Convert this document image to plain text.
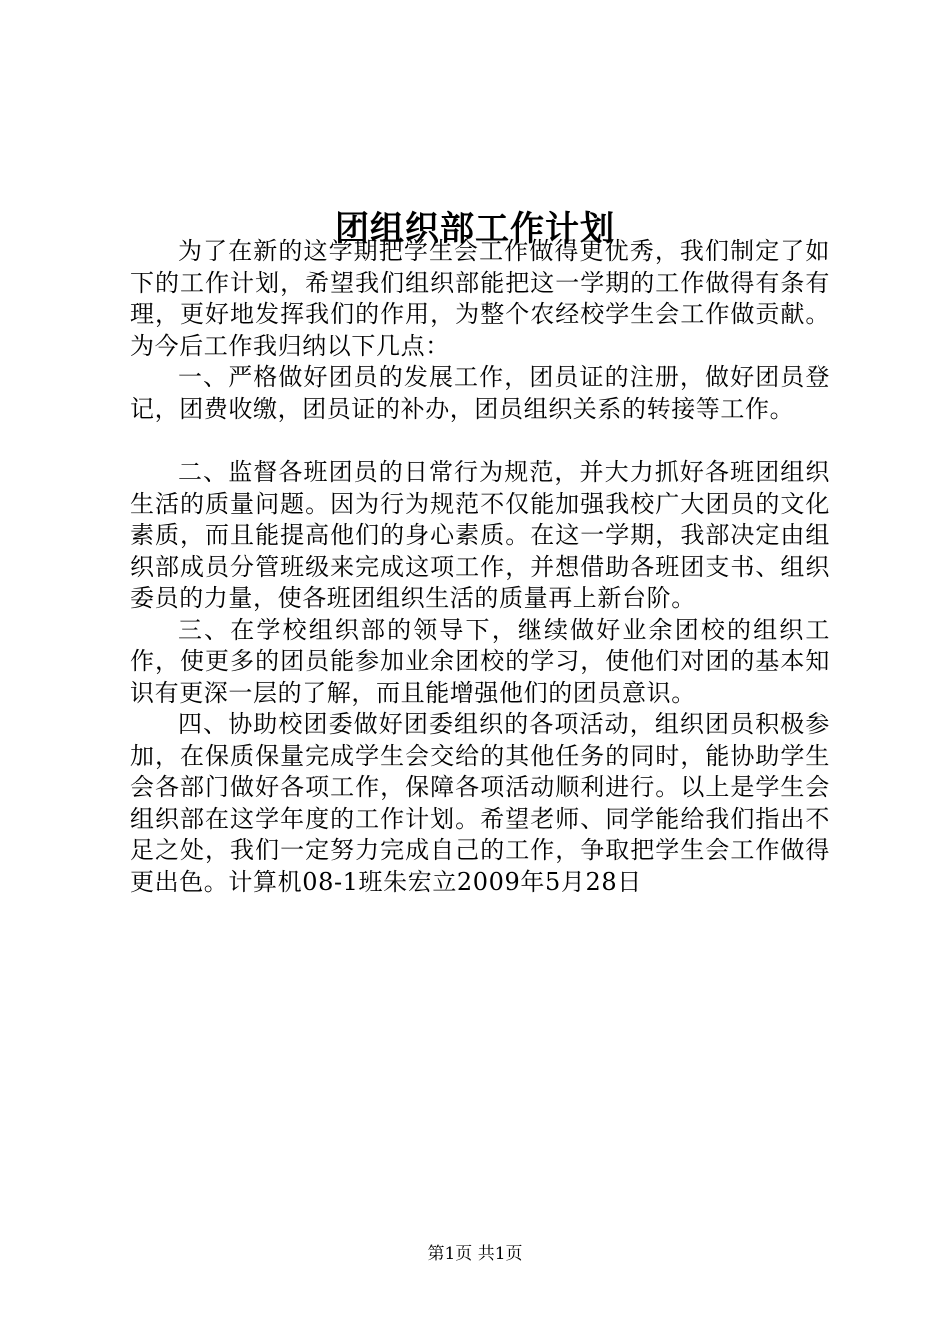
团组织部工作计划

为了在新的这学期把学生会工作做得更优秀，我们制定了如下的工作计划，希望我们组织部能把这一学期的工作做得有条有理，更好地发挥我们的作用，为整个农经校学生会工作做贡献。为今后工作我归纳以下几点：

一、严格做好团员的发展工作，团员证的注册，做好团员登记，团费收缴，团员证的补办，团员组织关系的转接等工作。

二、监督各班团员的日常行为规范，并大力抓好各班团组织生活的质量问题。因为行为规范不仅能加强我校广大团员的文化素质，而且能提高他们的身心素质。在这一学期，我部决定由组织部成员分管班级来完成这项工作，并想借助各班团支书、组织委员的力量，使各班团组织生活的质量再上新台阶。

三、在学校组织部的领导下，继续做好业余团校的组织工作，使更多的团员能参加业余团校的学习，使他们对团的基本知识有更深一层的了解，而且能增强他们的团员意识。

四、协助校团委做好团委组织的各项活动，组织团员积极参加，在保质保量完成学生会交给的其他任务的同时，能协助学生会各部门做好各项工作，保障各项活动顺利进行。以上是学生会组织部在这学年度的工作计划。希望老师、同学能给我们指出不足之处，我们一定努力完成自己的工作，争取把学生会工作做得更出色。计算机08-1班朱宏立2009年5月28日

第1页 共1页
